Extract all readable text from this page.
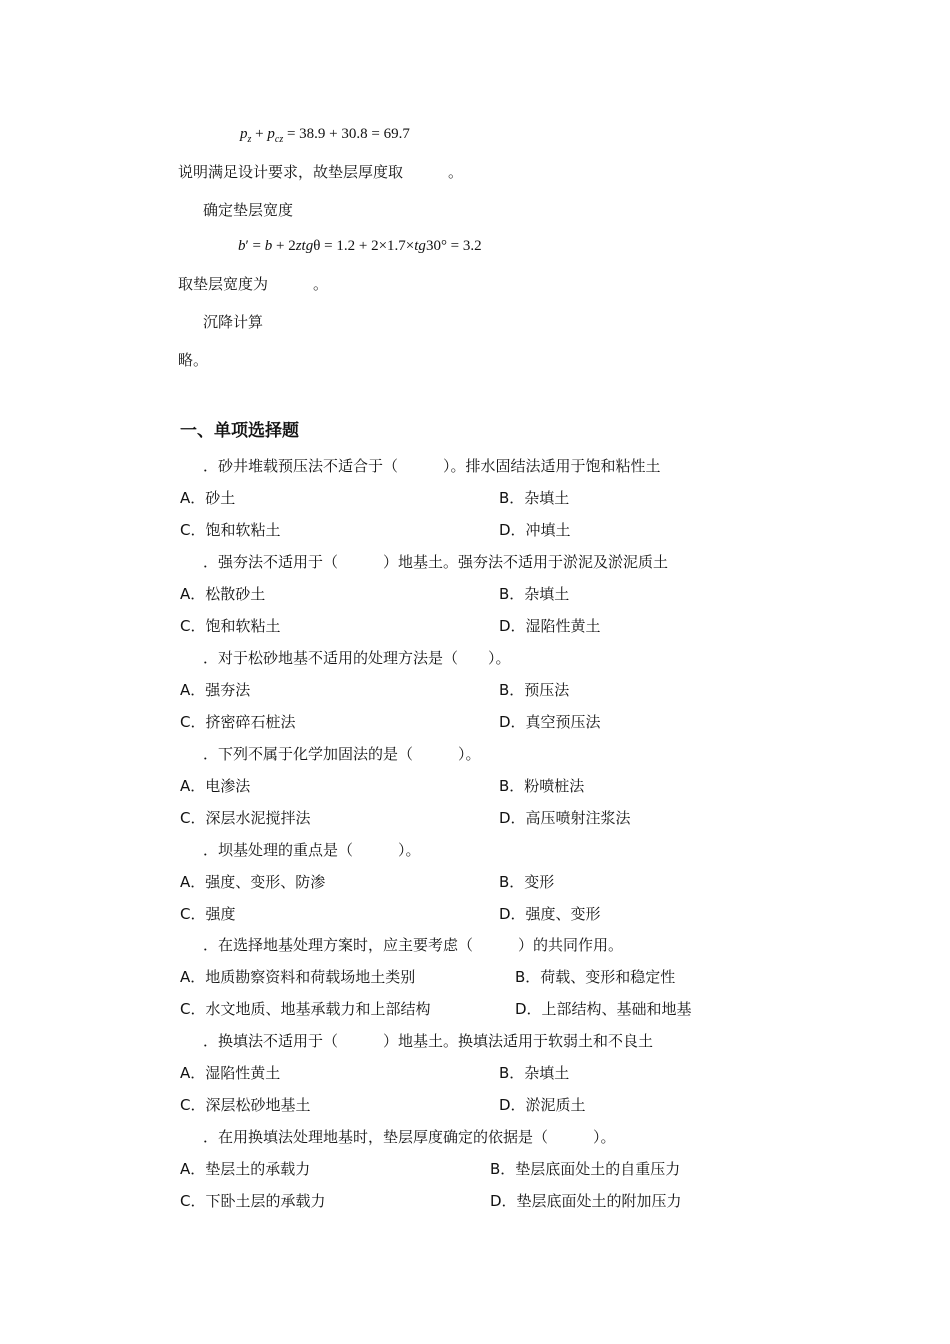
$p_z + p_{cz} = 38.9 + 30.8 = 69.7$
说明满足设计要求，故垫层厚度取　　　。
确定垫层宽度
b′ = b + 2ztgθ = 1.2 + 2×1.7×tg30° = 3.2
取垫层宽度为　　　。
沉降计算
略。
一、单项选择题
．砂井堆载预压法不适合于（　　　）。排水固结法适用于饱和粘性土
A．砂土	B．杂填土
C．饱和软粘土	D．冲填土
．强夯法不适用于（　　　）地基土。强夯法不适用于淤泥及淤泥质土
A．松散砂土	B．杂填土
C．饱和软粘土	D．湿陷性黄土
．对于松砂地基不适用的处理方法是（　　）。
A．强夯法	B．预压法
C．挤密碎石桩法	D．真空预压法
．下列不属于化学加固法的是（　　　）。
A．电渗法	B．粉喷桩法
C．深层水泥搅拌法	D．高压喷射注浆法
．坝基处理的重点是（　　　）。
A．强度、变形、防渗	B．变形
C．强度	D．强度、变形
．在选择地基处理方案时，应主要考虑（　　　）的共同作用。
A．地质勘察资料和荷载场地土类别	B．荷载、变形和稳定性
C．水文地质、地基承载力和上部结构	D．上部结构、基础和地基
．换填法不适用于（　　　）地基土。换填法适用于软弱土和不良土
A．湿陷性黄土	B．杂填土
C．深层松砂地基土	D．淤泥质土
．在用换填法处理地基时，垫层厚度确定的依据是（　　　）。
A．垫层土的承载力	B．垫层底面处土的自重压力
C．下卧土层的承载力	D．垫层底面处土的附加压力
